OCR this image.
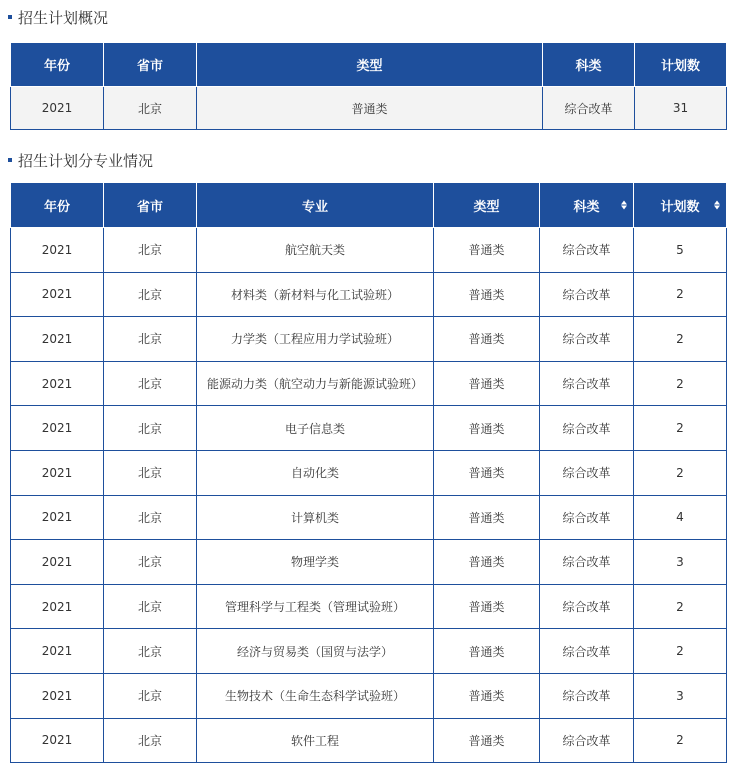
招生计划概况
年份	省市	类型	科类	计划数
2021	北京	普通类	综合改革	31
招生计划分专业情况
年份	省市	专业	类型	科类	计划数

2021	北京	航空航天类	普通类	综合改革	5
2021	北京	材料类（新材料与化工试验班）	普通类	综合改革	2
2021	北京	力学类（工程应用力学试验班）	普通类	综合改革	2
2021	北京	能源动力类（航空动力与新能源试验班）	普通类	综合改革	2
2021	北京	电子信息类	普通类	综合改革	2
2021	北京	自动化类	普通类	综合改革	2
2021	北京	计算机类	普通类	综合改革	4
2021	北京	物理学类	普通类	综合改革	3
2021	北京	管理科学与工程类（管理试验班）	普通类	综合改革	2
2021	北京	经济与贸易类（国贸与法学）	普通类	综合改革	2
2021	北京	生物技术（生命生态科学试验班）	普通类	综合改革	3
2021	北京	软件工程	普通类	综合改革	2
